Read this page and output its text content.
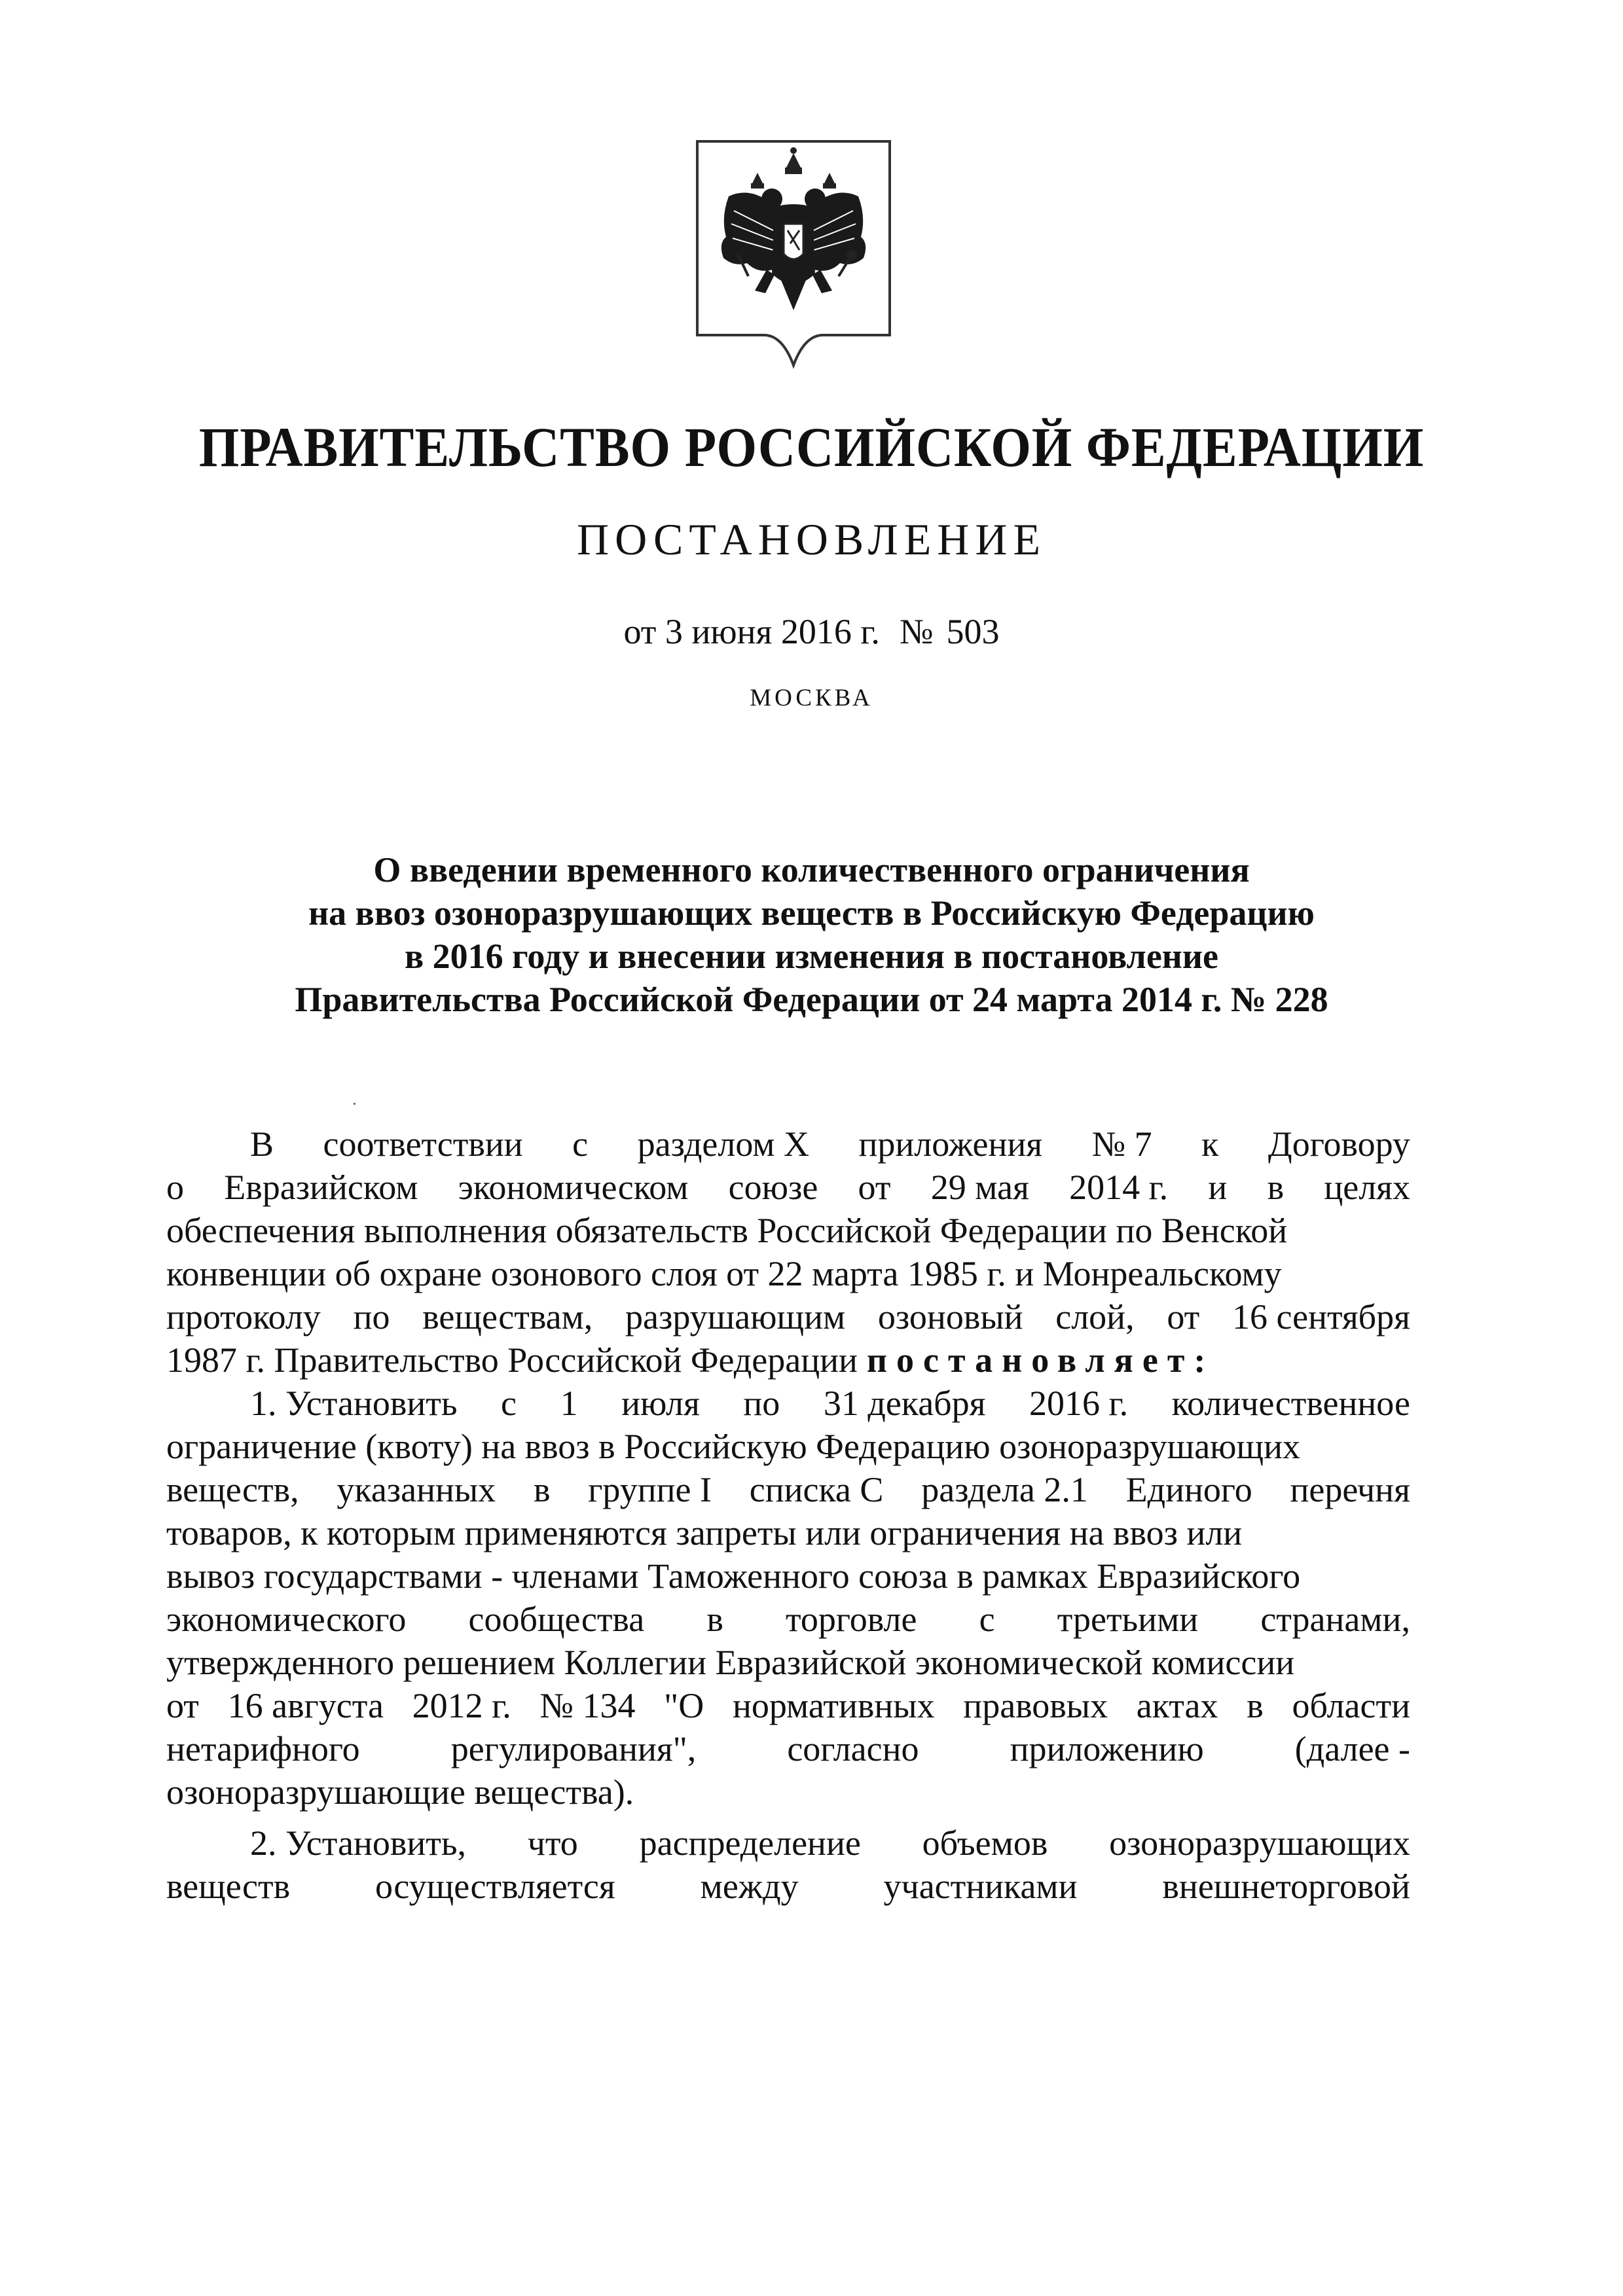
ПРАВИТЕЛЬСТВО РОССИЙСКОЙ ФЕДЕРАЦИИ
ПОСТАНОВЛЕНИЕ
от 3 июня 2016 г. № 503
МОСКВА
О введении временного количественного ограничения
на ввоз озоноразрушающих веществ в Российскую Федерацию
в 2016 году и внесении изменения в постановление
Правительства Российской Федерации от 24 марта 2014 г. № 228
В соответствии с разделом X приложения № 7 к Договору
о Евразийском экономическом союзе от 29 мая 2014 г. и в целях
обеспечения выполнения обязательств Российской Федерации по Венской
конвенции об охране озонового слоя от 22 марта 1985 г. и Монреальскому
протоколу по веществам, разрушающим озоновый слой, от 16 сентября
1987 г. Правительство Российской Федерации постановляет:
1. Установить с 1 июля по 31 декабря 2016 г. количественное
ограничение (квоту) на ввоз в Российскую Федерацию озоноразрушающих
веществ, указанных в группе I списка С раздела 2.1 Единого перечня
товаров, к которым применяются запреты или ограничения на ввоз или
вывоз государствами - членами Таможенного союза в рамках Евразийского
экономического сообщества в торговле с третьими странами,
утвержденного решением Коллегии Евразийской экономической комиссии
от 16 августа 2012 г. № 134 "О нормативных правовых актах в области
нетарифного	регулирования",	согласно	приложению	(далее -
озоноразрушающие вещества).
2. Установить, что распределение объемов озоноразрушающих
веществ осуществляется между участниками внешнеторговой
